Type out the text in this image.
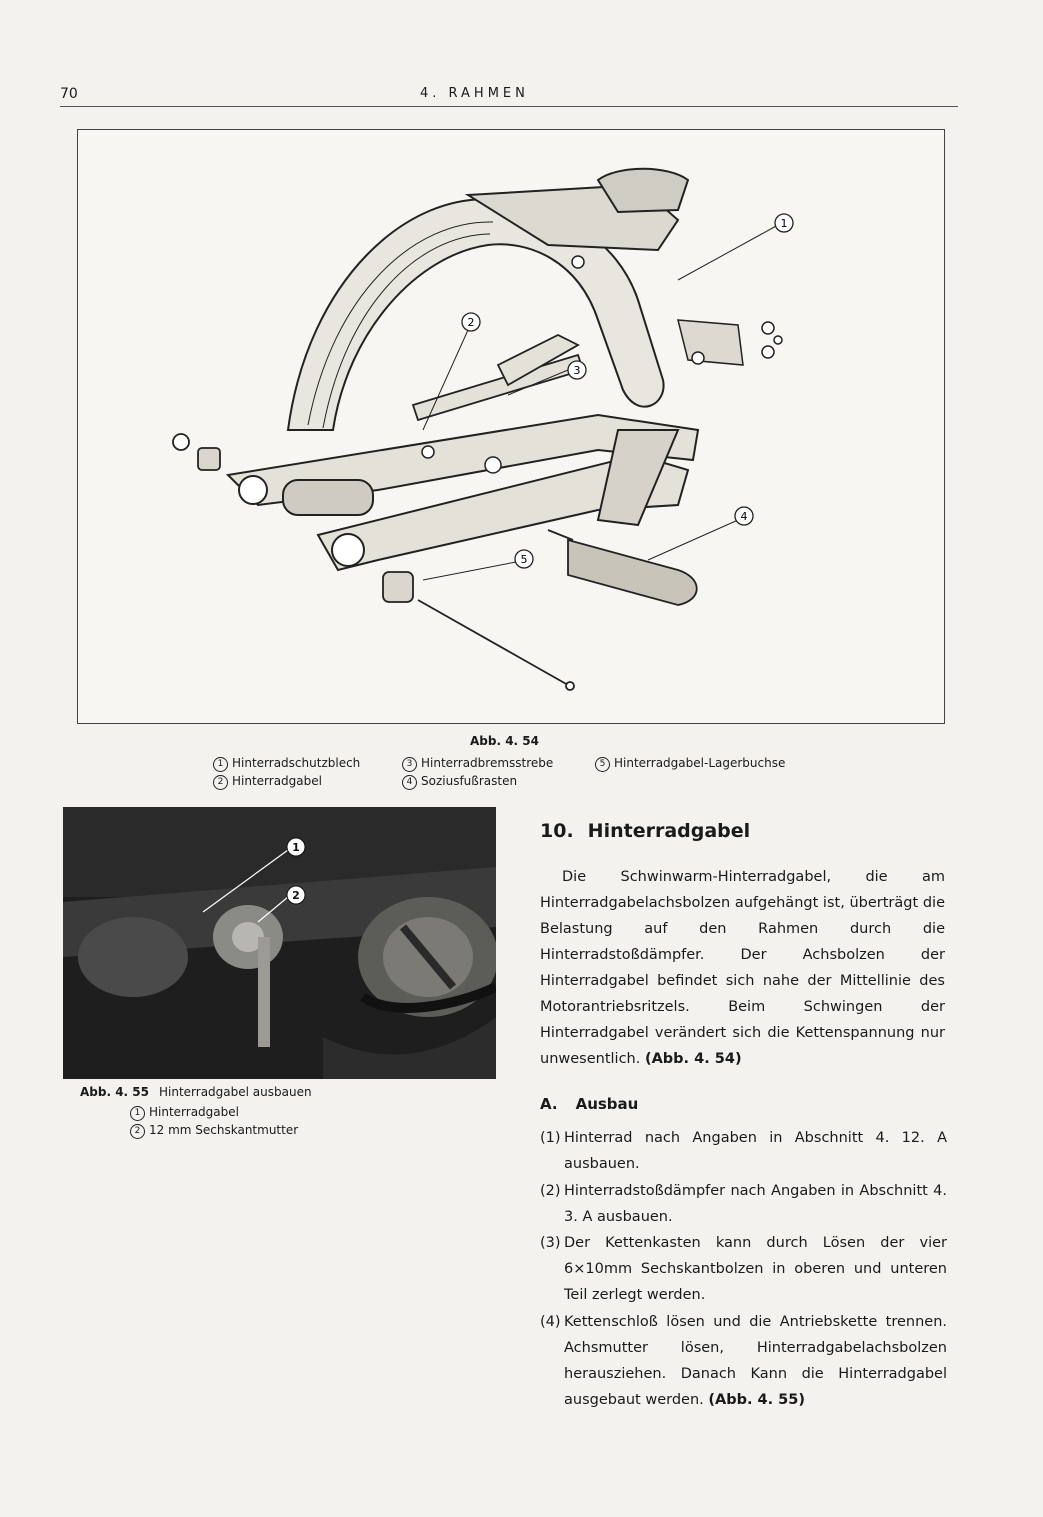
70	4. RAHMEN
1
2
3
4
5
Abb. 4. 54
1 Hinterradschutzblech
2 Hinterradgabel
3 Hinterradbremsstrebe
4 Soziusfußrasten
5 Hinterradgabel-Lagerbuchse
1
2
Abb. 4. 55 Hinterradgabel ausbauen
1 Hinterradgabel
2 12 mm Sechskantmutter
10. Hinterradgabel
Die Schwinwarm-Hinterradgabel, die am Hinterradgabelachsbolzen aufgehängt ist, überträgt die Belastung auf den Rahmen durch die Hinterradstoßdämpfer. Der Achsbolzen der Hinterradgabel befindet sich nahe der Mittellinie des Motorantriebsritzels. Beim Schwingen der Hinterradgabel verändert sich die Kettenspannung nur unwesentlich. (Abb. 4. 54)
A. Ausbau
(1) Hinterrad nach Angaben in Abschnitt 4. 12. A ausbauen.
(2) Hinterradstoßdämpfer nach Angaben in Abschnitt 4. 3. A ausbauen.
(3) Der Kettenkasten kann durch Lösen der vier 6×10mm Sechskantbolzen in oberen und unteren Teil zerlegt werden.
(4) Kettenschloß lösen und die Antriebskette trennen. Achsmutter lösen, Hinterradgabelachsbolzen herausziehen. Danach Kann die Hinterradgabel ausgebaut werden. (Abb. 4. 55)
